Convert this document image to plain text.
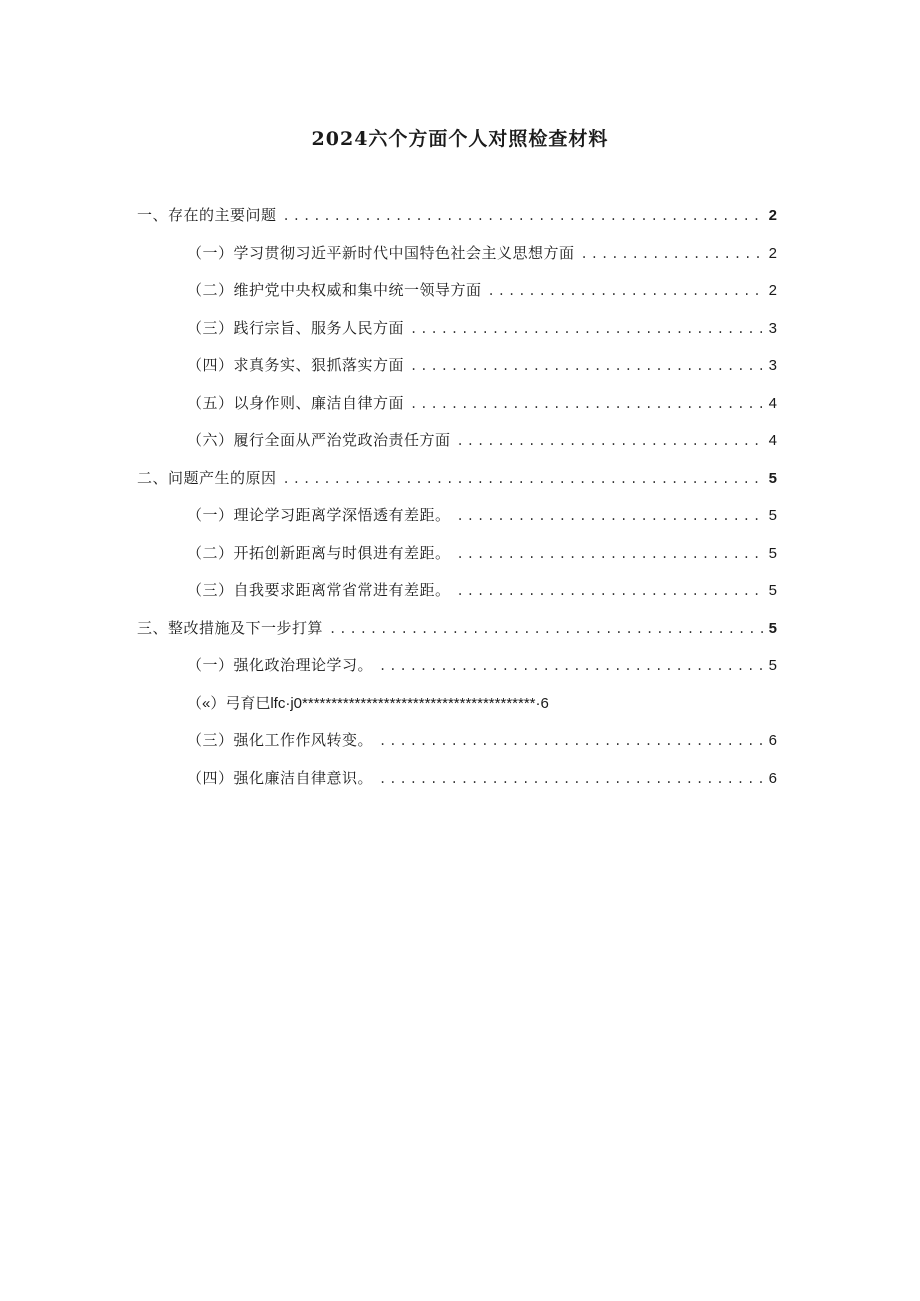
2024六个方面个人对照检查材料
一、存在的主要问题 .....	2
（一）学习贯彻习近平新时代中国特色社会主义思想方面 .....	2
（二）维护党中央权威和集中统一领导方面 .....	2
（三）践行宗旨、服务人民方面 .....	3
（四）求真务实、狠抓落实方面 .....	3
（五）以身作则、廉洁自律方面 .....	4
（六）履行全面从严治党政治责任方面 .....	4
二、问题产生的原因 .....	5
（一）理论学习距离学深悟透有差距。 .....	5
（二）开拓创新距离与时俱进有差距。 .....	5
（三）自我要求距离常省常进有差距。 .....	5
三、整改措施及下一步打算 .....	5
（一）强化政治理论学习。 .....	5
（«）弓育巳lfc·j0****************************************·6
（三）强化工作作风转变。 .....	6
（四）强化廉洁自律意识。 .....	6
